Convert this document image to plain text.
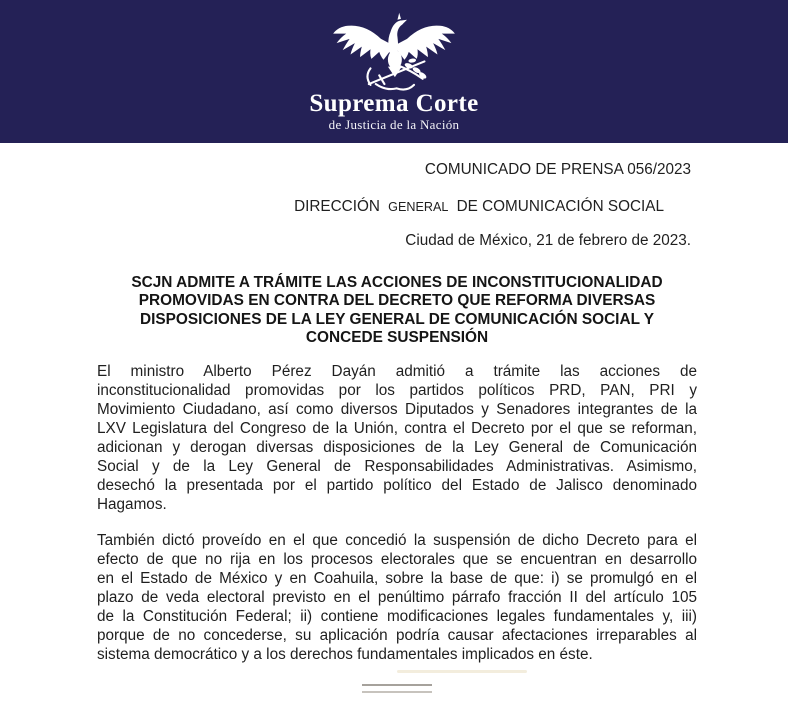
Suprema Corte
de Justicia de la Nación
COMUNICADO DE PRENSA 056/2023
DIRECCIÓN GENERAL DE COMUNICACIÓN SOCIAL
Ciudad de México, 21 de febrero de 2023.
SCJN ADMITE A TRÁMITE LAS ACCIONES DE INCONSTITUCIONALIDAD
PROMOVIDAS EN CONTRA DEL DECRETO QUE REFORMA DIVERSAS
DISPOSICIONES DE LA LEY GENERAL DE COMUNICACIÓN SOCIAL Y
CONCEDE SUSPENSIÓN
El ministro Alberto Pérez Dayán admitió a trámite las acciones de
inconstitucionalidad promovidas por los partidos políticos PRD, PAN, PRI y
Movimiento Ciudadano, así como diversos Diputados y Senadores integrantes de la
LXV Legislatura del Congreso de la Unión, contra el Decreto por el que se reforman,
adicionan y derogan diversas disposiciones de la Ley General de Comunicación
Social y de la Ley General de Responsabilidades Administrativas. Asimismo,
desechó la presentada por el partido político del Estado de Jalisco denominado
Hagamos.
También dictó proveído en el que concedió la suspensión de dicho Decreto para el
efecto de que no rija en los procesos electorales que se encuentran en desarrollo
en el Estado de México y en Coahuila, sobre la base de que: i) se promulgó en el
plazo de veda electoral previsto en el penúltimo párrafo fracción II del artículo 105
de la Constitución Federal; ii) contiene modificaciones legales fundamentales y, iii)
porque de no concederse, su aplicación podría causar afectaciones irreparables al
sistema democrático y a los derechos fundamentales implicados en éste.
